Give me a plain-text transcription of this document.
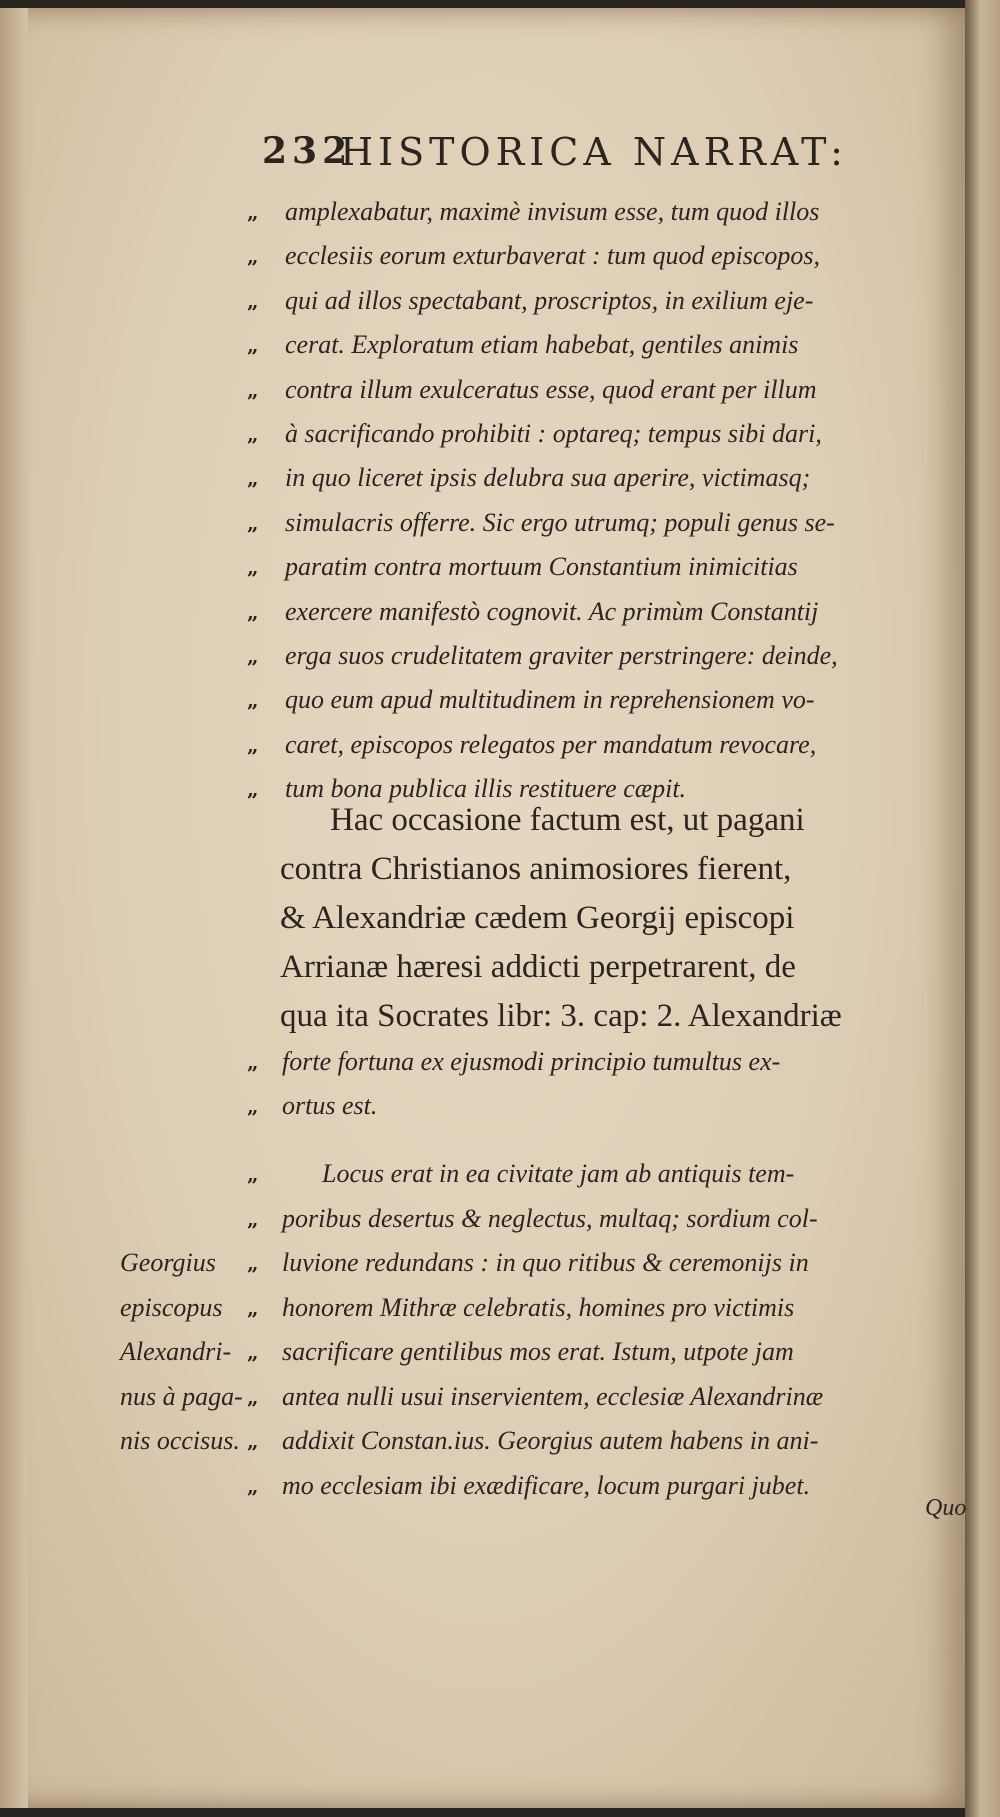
232
HISTORICA NARRAT:
„ amplexabatur, maximè invisum esse, tum quod illos
„ ecclesiis eorum exturbaverat : tum quod episcopos,
„ qui ad illos spectabant, proscriptos, in exilium eje-
„ cerat. Exploratum etiam habebat, gentiles animis
„ contra illum exulceratus esse, quod erant per illum
„ à sacrificando prohibiti : optareq; tempus sibi dari,
„ in quo liceret ipsis delubra sua aperire, victimasq;
„ simulacris offerre. Sic ergo utrumq; populi genus se-
„ paratim contra mortuum Constantium inimicitias
„ exercere manifestò cognovit. Ac primùm Constantij
„ erga suos crudelitatem graviter perstringere: deinde,
„ quo eum apud multitudinem in reprehensionem vo-
„ caret, episcopos relegatos per mandatum revocare,
„ tum bona publica illis restituere cæpit.
Hac occasione factum est, ut pagani
contra Christianos animosiores fierent,
& Alexandriæ cædem Georgij episcopi
Arrianæ hæresi addicti perpetrarent, de
qua ita Socrates libr: 3. cap: 2. Alexandriæ
„ forte fortuna ex ejusmodi principio tumultus ex-
„ ortus est.
„ Locus erat in ea civitate jam ab antiquis tem-
„ poribus desertus & neglectus, multaq; sordium col-
„ luvione redundans : in quo ritibus & ceremonijs in
„ honorem Mithræ celebratis, homines pro victimis
„ sacrificare gentilibus mos erat. Istum, utpote jam
„ antea nulli usui inservientem, ecclesiæ Alexandrinæ
„ addixit Constan.ius. Georgius autem habens in ani-
„ mo ecclesiam ibi exædificare, locum purgari jubet.
Georgius
episcopus
Alexandri-
nus à paga-
nis occisus.
Quo
